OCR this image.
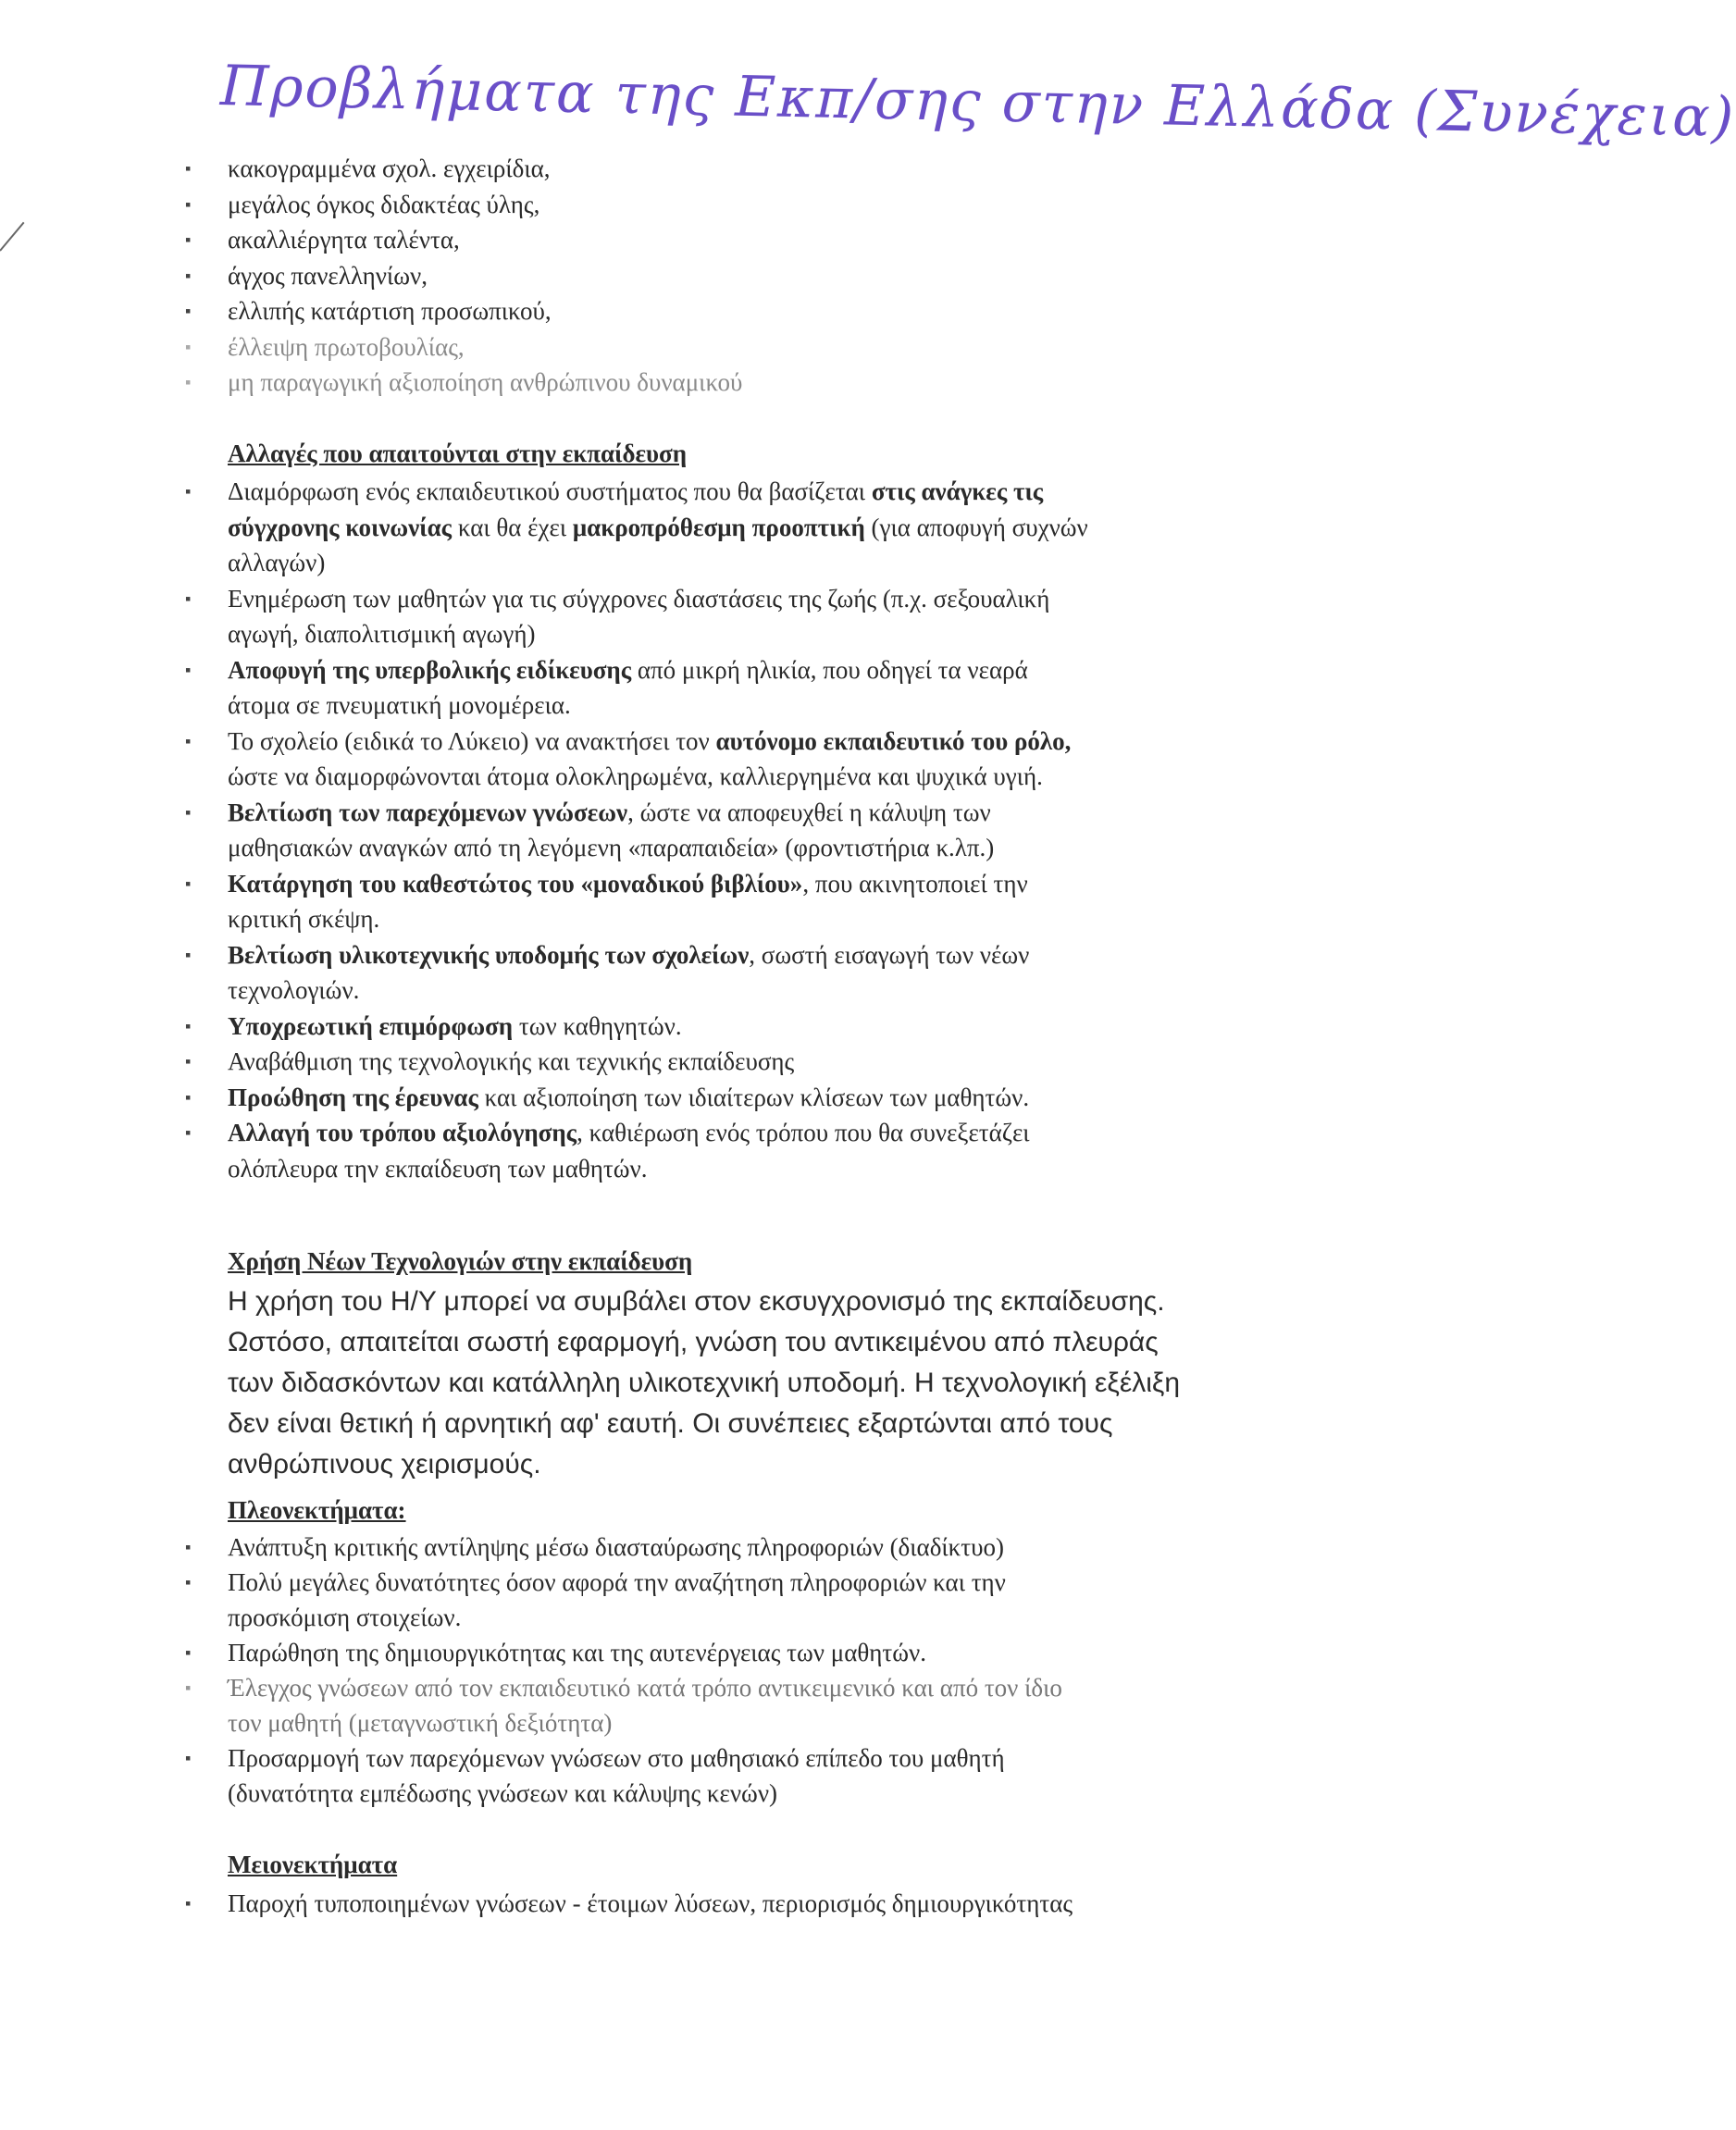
Προβλήματα της Εκπ/σης στην Ελλάδα (Συνέχεια)
▪ κακογραμμένα σχολ. εγχειρίδια,
▪ μεγάλος όγκος διδακτέας ύλης,
▪ ακαλλιέργητα ταλέντα,
▪ άγχος πανελληνίων,
▪ ελλιπής κατάρτιση προσωπικού,
▪ έλλειψη πρωτοβουλίας,
▪ μη παραγωγική αξιοποίηση ανθρώπινου δυναμικού
Αλλαγές που απαιτούνται στην εκπαίδευση
▪ Διαμόρφωση ενός εκπαιδευτικού συστήματος που θα βασίζεται στις ανάγκες τις
σύγχρονης κοινωνίας και θα έχει μακροπρόθεσμη προοπτική (για αποφυγή συχνών
αλλαγών)
▪ Ενημέρωση των μαθητών για τις σύγχρονες διαστάσεις της ζωής (π.χ. σεξουαλική
αγωγή, διαπολιτισμική αγωγή)
▪ Αποφυγή της υπερβολικής ειδίκευσης από μικρή ηλικία, που οδηγεί τα νεαρά
άτομα σε πνευματική μονομέρεια.
▪ Το σχολείο (ειδικά το Λύκειο) να ανακτήσει τον αυτόνομο εκπαιδευτικό του ρόλο,
ώστε να διαμορφώνονται άτομα ολοκληρωμένα, καλλιεργημένα και ψυχικά υγιή.
▪ Βελτίωση των παρεχόμενων γνώσεων, ώστε να αποφευχθεί η κάλυψη των
μαθησιακών αναγκών από τη λεγόμενη «παραπαιδεία» (φροντιστήρια κ.λπ.)
▪ Κατάργηση του καθεστώτος του «μοναδικού βιβλίου», που ακινητοποιεί την
κριτική σκέψη.
▪ Βελτίωση υλικοτεχνικής υποδομής των σχολείων, σωστή εισαγωγή των νέων
τεχνολογιών.
▪ Υποχρεωτική επιμόρφωση των καθηγητών.
▪ Αναβάθμιση της τεχνολογικής και τεχνικής εκπαίδευσης
▪ Προώθηση της έρευνας και αξιοποίηση των ιδιαίτερων κλίσεων των μαθητών.
▪ Αλλαγή του τρόπου αξιολόγησης, καθιέρωση ενός τρόπου που θα συνεξετάζει
ολόπλευρα την εκπαίδευση των μαθητών.
Χρήση Νέων Τεχνολογιών στην εκπαίδευση
Η χρήση του Η/Υ μπορεί να συμβάλει στον εκσυγχρονισμό της εκπαίδευσης.
Ωστόσο, απαιτείται σωστή εφαρμογή, γνώση του αντικειμένου από πλευράς
των διδασκόντων και κατάλληλη υλικοτεχνική υποδομή. Η τεχνολογική εξέλιξη
δεν είναι θετική ή αρνητική αφ' εαυτή. Οι συνέπειες εξαρτώνται από τους
ανθρώπινους χειρισμούς.
Πλεονεκτήματα:
▪ Ανάπτυξη κριτικής αντίληψης μέσω διασταύρωσης πληροφοριών (διαδίκτυο)
▪ Πολύ μεγάλες δυνατότητες όσον αφορά την αναζήτηση πληροφοριών και την
προσκόμιση στοιχείων.
▪ Παρώθηση της δημιουργικότητας και της αυτενέργειας των μαθητών.
▪ Έλεγχος γνώσεων από τον εκπαιδευτικό κατά τρόπο αντικειμενικό και από τον ίδιο
τον μαθητή (μεταγνωστική δεξιότητα)
▪ Προσαρμογή των παρεχόμενων γνώσεων στο μαθησιακό επίπεδο του μαθητή
(δυνατότητα εμπέδωσης γνώσεων και κάλυψης κενών)
Μειονεκτήματα
▪ Παροχή τυποποιημένων γνώσεων - έτοιμων λύσεων, περιορισμός δημιουργικότητας
